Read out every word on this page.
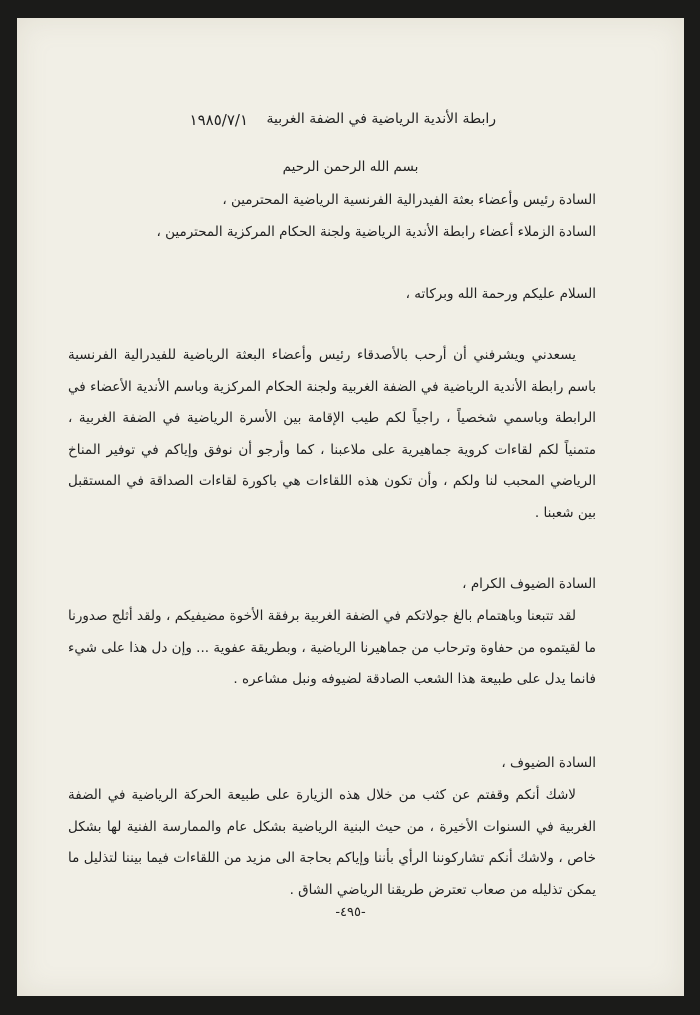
رابطة الأندية الرياضية في الضفة الغربية
١٩٨٥/٧/١
بسم الله الرحمن الرحيم
السادة رئيس وأعضاء بعثة الفيدرالية الفرنسية الرياضية المحترمين ،
السادة الزملاء أعضاء رابطة الأندية الرياضية ولجنة الحكام المركزية المحترمين ،
السلام عليكم ورحمة الله وبركاته ،
يسعدني ويشرفني أن أرحب بالأصدقاء رئيس وأعضاء البعثة الرياضية للفيدرالية الفرنسية باسم رابطة الأندية الرياضية في الضفة الغربية ولجنة الحكام المركزية وباسم الأندية الأعضاء في الرابطة وباسمي شخصياً ، راجياً لكم طيب الإقامة بين الأسرة الرياضية في الضفة الغربية ، متمنياً لكم لقاءات كروية جماهيرية على ملاعبنا ، كما وأرجو أن نوفق وإياكم في توفير المناخ الرياضي المحبب لنا ولكم ، وأن تكون هذه اللقاءات هي باكورة لقاءات الصداقة في المستقبل بين شعبنا .
السادة الضيوف الكرام ،
لقد تتبعنا وباهتمام بالغ جولاتكم في الضفة الغربية برفقة الأخوة مضيفيكم ، ولقد أثلج صدورنا ما لقيتموه من حفاوة وترحاب من جماهيرنا الرياضية ، وبطريقة عفوية ... وإن دل هذا على شيء فانما يدل على طبيعة هذا الشعب الصادقة لضيوفه ونبل مشاعره .
السادة الضيوف ،
لاشك أنكم وقفتم عن كثب من خلال هذه الزيارة على طبيعة الحركة الرياضية في الضفة الغربية في السنوات الأخيرة ، من حيث البنية الرياضية بشكل عام والممارسة الفنية لها بشكل خاص ، ولاشك أنكم تشاركوننا الرأي بأننا وإياكم بحاجة الى مزيد من اللقاءات فيما بيننا لتذليل ما يمكن تذليله من صعاب تعترض طريقنا الرياضي الشاق .
-٤٩٥-
